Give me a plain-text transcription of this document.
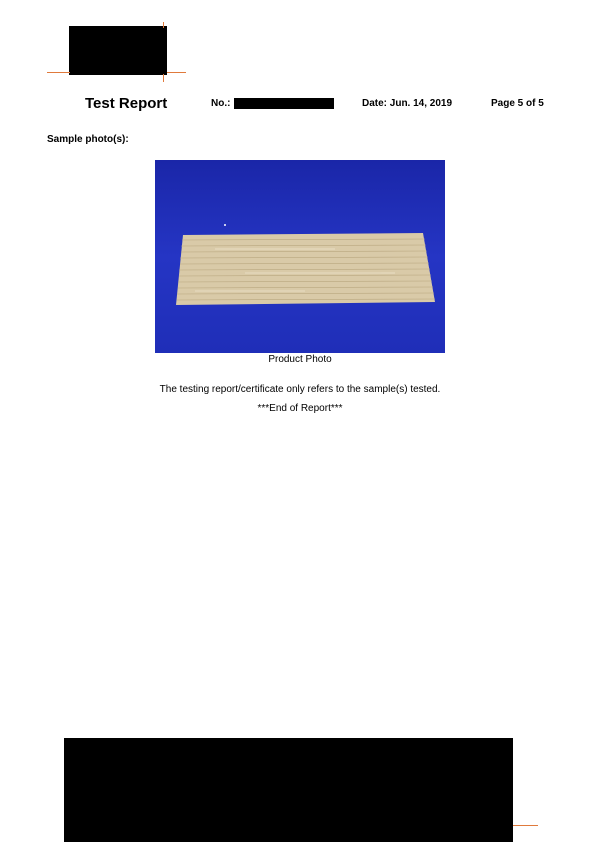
Test Report	No.:	Date: Jun. 14, 2019	Page 5 of 5
Sample photo(s):
Product Photo
The testing report/certificate only refers to the sample(s) tested.
***End of Report***
